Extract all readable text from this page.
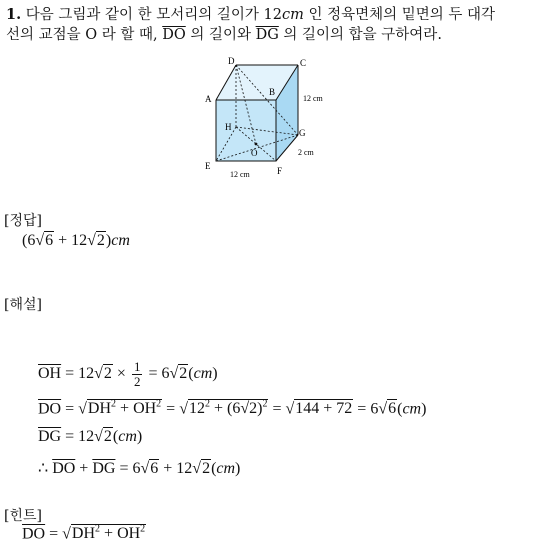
1. 다음 그림과 같이 한 모서리의 길이가 12cm 인 정육면체의 밑면의 두 대각
선의 교점을 O 라 할 때, $\overline{DO}$ 의 길이와 $\overline{DG}$ 의 길이의 합을 구하여라.
D	C
A
B
H
G
O
E	F
12 cm
2 cm
12 cm
[정답]
(6√6 + 12√2)cm
[해설]
$\overline{OH} = 12√2 \times \frac{1}{2} = 6√2(cm)$
$\overline{DO} = √DH^2 + \overline{OH}^2 = √12^2 + (6√2)^2 = √144 + 72 = 6√6(cm)$
$\overline{DG} = 12√2(cm)$
∴ $\overline{DO} + \overline{DG} = 6√6 + 12√2(cm)$
[힌트]
$\overline{DO} = √DH^2 + \overline{OH}^2$
